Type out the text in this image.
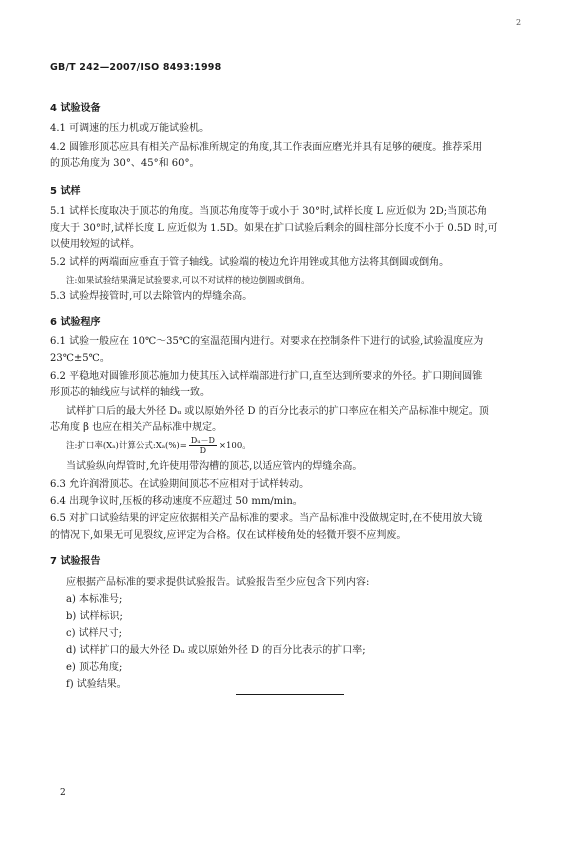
2
GB/T 242—2007/ISO 8493:1998
4 试验设备
4.1 可调速的压力机或万能试验机。
4.2 圆锥形顶芯应具有相关产品标准所规定的角度,其工作表面应磨光并具有足够的硬度。推荐采用
的顶芯角度为 30°、45°和 60°。
5 试样
5.1 试样长度取决于顶芯的角度。当顶芯角度等于或小于 30°时,试样长度 L 应近似为 2D;当顶芯角
度大于 30°时,试样长度 L 应近似为 1.5D。如果在扩口试验后剩余的圆柱部分长度不小于 0.5D 时,可
以使用较短的试样。
5.2 试样的两端面应垂直于管子轴线。试验端的棱边允许用锉或其他方法将其倒圆或倒角。
注:如果试验结果满足试验要求,可以不对试样的棱边倒圆或倒角。
5.3 试验焊接管时,可以去除管内的焊缝余高。
6 试验程序
6.1 试验一般应在 10℃～35℃的室温范围内进行。对要求在控制条件下进行的试验,试验温度应为
23℃±5℃。
6.2 平稳地对圆锥形顶芯施加力使其压入试样端部进行扩口,直至达到所要求的外径。扩口期间圆锥
形顶芯的轴线应与试样的轴线一致。
试样扩口后的最大外径 Dᵤ 或以原始外径 D 的百分比表示的扩口率应在相关产品标准中规定。顶
芯角度 β 也应在相关产品标准中规定。
注:扩口率(Xₐ)计算公式:Xₐ(%)= $\frac{\text{Dᵤ－D}}{D} \times 100$。
当试验纵向焊管时,允许使用带沟槽的顶芯,以适应管内的焊缝余高。
6.3 允许润滑顶芯。在试验期间顶芯不应相对于试样转动。
6.4 出现争议时,压板的移动速度不应超过 50 mm/min。
6.5 对扩口试验结果的评定应依据相关产品标准的要求。当产品标准中没做规定时,在不使用放大镜
的情况下,如果无可见裂纹,应评定为合格。仅在试样棱角处的轻微开裂不应判废。
7 试验报告
应根据产品标准的要求提供试验报告。试验报告至少应包含下列内容:
a) 本标准号;
b) 试样标识;
c) 试样尺寸;
d) 试样扩口的最大外径 Dᵤ 或以原始外径 D 的百分比表示的扩口率;
e) 顶芯角度;
f) 试验结果。
2
